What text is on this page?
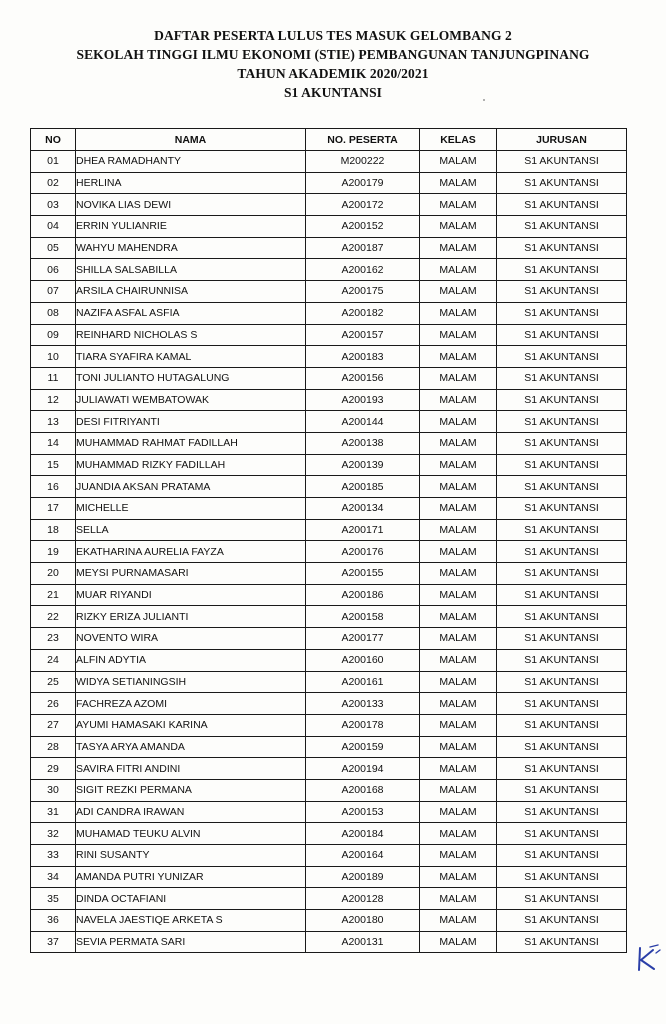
DAFTAR PESERTA LULUS TES MASUK GELOMBANG 2
SEKOLAH TINGGI ILMU EKONOMI (STIE) PEMBANGUNAN TANJUNGPINANG
TAHUN AKADEMIK 2020/2021
S1 AKUNTANSI
NO	NAMA	NO. PESERTA	KELAS	JURUSAN
01	DHEA RAMADHANTY	M200222	MALAM	S1 AKUNTANSI
02	HERLINA	A200179	MALAM	S1 AKUNTANSI
03	NOVIKA LIAS DEWI	A200172	MALAM	S1 AKUNTANSI
04	ERRIN YULIANRIE	A200152	MALAM	S1 AKUNTANSI
05	WAHYU MAHENDRA	A200187	MALAM	S1 AKUNTANSI
06	SHILLA SALSABILLA	A200162	MALAM	S1 AKUNTANSI
07	ARSILA CHAIRUNNISA	A200175	MALAM	S1 AKUNTANSI
08	NAZIFA ASFAL ASFIA	A200182	MALAM	S1 AKUNTANSI
09	REINHARD NICHOLAS S	A200157	MALAM	S1 AKUNTANSI
10	TIARA SYAFIRA KAMAL	A200183	MALAM	S1 AKUNTANSI
11	TONI JULIANTO HUTAGALUNG	A200156	MALAM	S1 AKUNTANSI
12	JULIAWATI WEMBATOWAK	A200193	MALAM	S1 AKUNTANSI
13	DESI FITRIYANTI	A200144	MALAM	S1 AKUNTANSI
14	MUHAMMAD RAHMAT FADILLAH	A200138	MALAM	S1 AKUNTANSI
15	MUHAMMAD RIZKY FADILLAH	A200139	MALAM	S1 AKUNTANSI
16	JUANDIA AKSAN PRATAMA	A200185	MALAM	S1 AKUNTANSI
17	MICHELLE	A200134	MALAM	S1 AKUNTANSI
18	SELLA	A200171	MALAM	S1 AKUNTANSI
19	EKATHARINA AURELIA FAYZA	A200176	MALAM	S1 AKUNTANSI
20	MEYSI PURNAMASARI	A200155	MALAM	S1 AKUNTANSI
21	MUAR RIYANDI	A200186	MALAM	S1 AKUNTANSI
22	RIZKY ERIZA JULIANTI	A200158	MALAM	S1 AKUNTANSI
23	NOVENTO WIRA	A200177	MALAM	S1 AKUNTANSI
24	ALFIN ADYTIA	A200160	MALAM	S1 AKUNTANSI
25	WIDYA SETIANINGSIH	A200161	MALAM	S1 AKUNTANSI
26	FACHREZA AZOMI	A200133	MALAM	S1 AKUNTANSI
27	AYUMI HAMASAKI KARINA	A200178	MALAM	S1 AKUNTANSI
28	TASYA ARYA AMANDA	A200159	MALAM	S1 AKUNTANSI
29	SAVIRA FITRI ANDINI	A200194	MALAM	S1 AKUNTANSI
30	SIGIT REZKI PERMANA	A200168	MALAM	S1 AKUNTANSI
31	ADI CANDRA IRAWAN	A200153	MALAM	S1 AKUNTANSI
32	MUHAMAD TEUKU ALVIN	A200184	MALAM	S1 AKUNTANSI
33	RINI SUSANTY	A200164	MALAM	S1 AKUNTANSI
34	AMANDA PUTRI YUNIZAR	A200189	MALAM	S1 AKUNTANSI
35	DINDA OCTAFIANI	A200128	MALAM	S1 AKUNTANSI
36	NAVELA JAESTIQE ARKETA S	A200180	MALAM	S1 AKUNTANSI
37	SEVIA PERMATA SARI	A200131	MALAM	S1 AKUNTANSI
